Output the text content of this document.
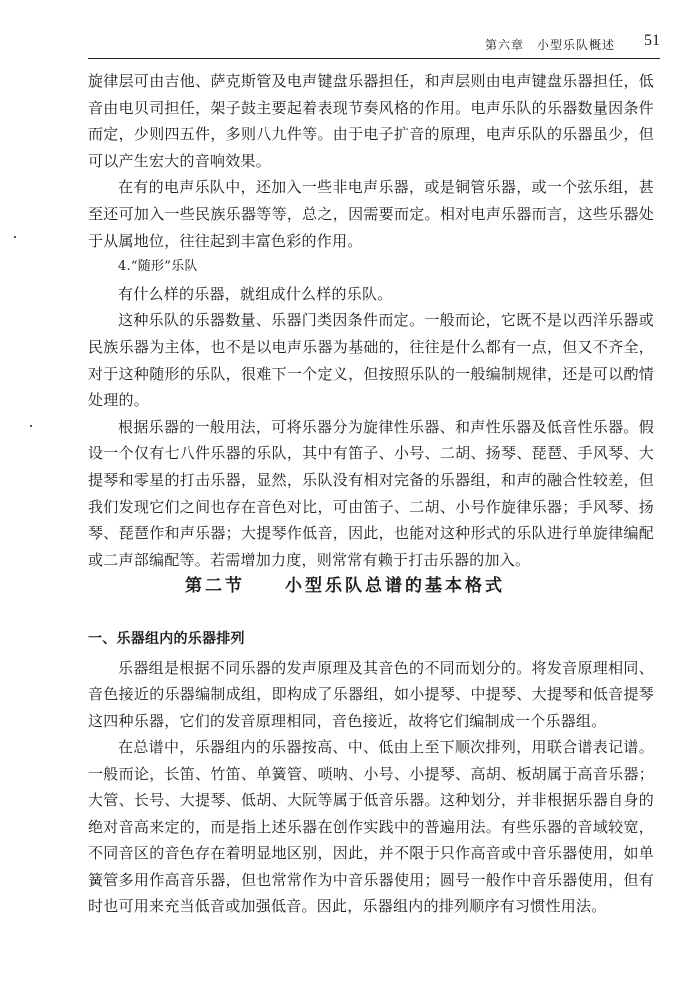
第六章　小型乐队概述 51

旋律层可由吉他、萨克斯管及电声键盘乐器担任，和声层则由电声键盘乐器担任，低音由电贝司担任，架子鼓主要起着表现节奏风格的作用。电声乐队的乐器数量因条件而定，少则四五件，多则八九件等。由于电子扩音的原理，电声乐队的乐器虽少，但可以产生宏大的音响效果。

在有的电声乐队中，还加入一些非电声乐器，或是铜管乐器，或一个弦乐组，甚至还可加入一些民族乐器等等，总之，因需要而定。相对电声乐器而言，这些乐器处于从属地位，往往起到丰富色彩的作用。

4.“随形”乐队

有什么样的乐器，就组成什么样的乐队。

这种乐队的乐器数量、乐器门类因条件而定。一般而论，它既不是以西洋乐器或民族乐器为主体，也不是以电声乐器为基础的，往往是什么都有一点，但又不齐全，对于这种随形的乐队，很难下一个定义，但按照乐队的一般编制规律，还是可以酌情处理的。

根据乐器的一般用法，可将乐器分为旋律性乐器、和声性乐器及低音性乐器。假设一个仅有七八件乐器的乐队，其中有笛子、小号、二胡、扬琴、琵琶、手风琴、大提琴和零星的打击乐器，显然，乐队没有相对完备的乐器组，和声的融合性较差，但我们发现它们之间也存在音色对比，可由笛子、二胡、小号作旋律乐器；手风琴、扬琴、琵琶作和声乐器；大提琴作低音，因此，也能对这种形式的乐队进行单旋律编配或二声部编配等。若需增加力度，则常常有赖于打击乐器的加入。

第二节 小型乐队总谱的基本格式

一、乐器组内的乐器排列

乐器组是根据不同乐器的发声原理及其音色的不同而划分的。将发音原理相同、音色接近的乐器编制成组，即构成了乐器组，如小提琴、中提琴、大提琴和低音提琴这四种乐器，它们的发音原理相同，音色接近，故将它们编制成一个乐器组。

在总谱中，乐器组内的乐器按高、中、低由上至下顺次排列，用联合谱表记谱。一般而论，长笛、竹笛、单簧管、唢呐、小号、小提琴、高胡、板胡属于高音乐器；大管、长号、大提琴、低胡、大阮等属于低音乐器。这种划分，并非根据乐器自身的绝对音高来定的，而是指上述乐器在创作实践中的普遍用法。有些乐器的音域较宽，不同音区的音色存在着明显地区别，因此，并不限于只作高音或中音乐器使用，如单簧管多用作高音乐器，但也常常作为中音乐器使用；圆号一般作中音乐器使用，但有时也可用来充当低音或加强低音。因此，乐器组内的排列顺序有习惯性用法。
